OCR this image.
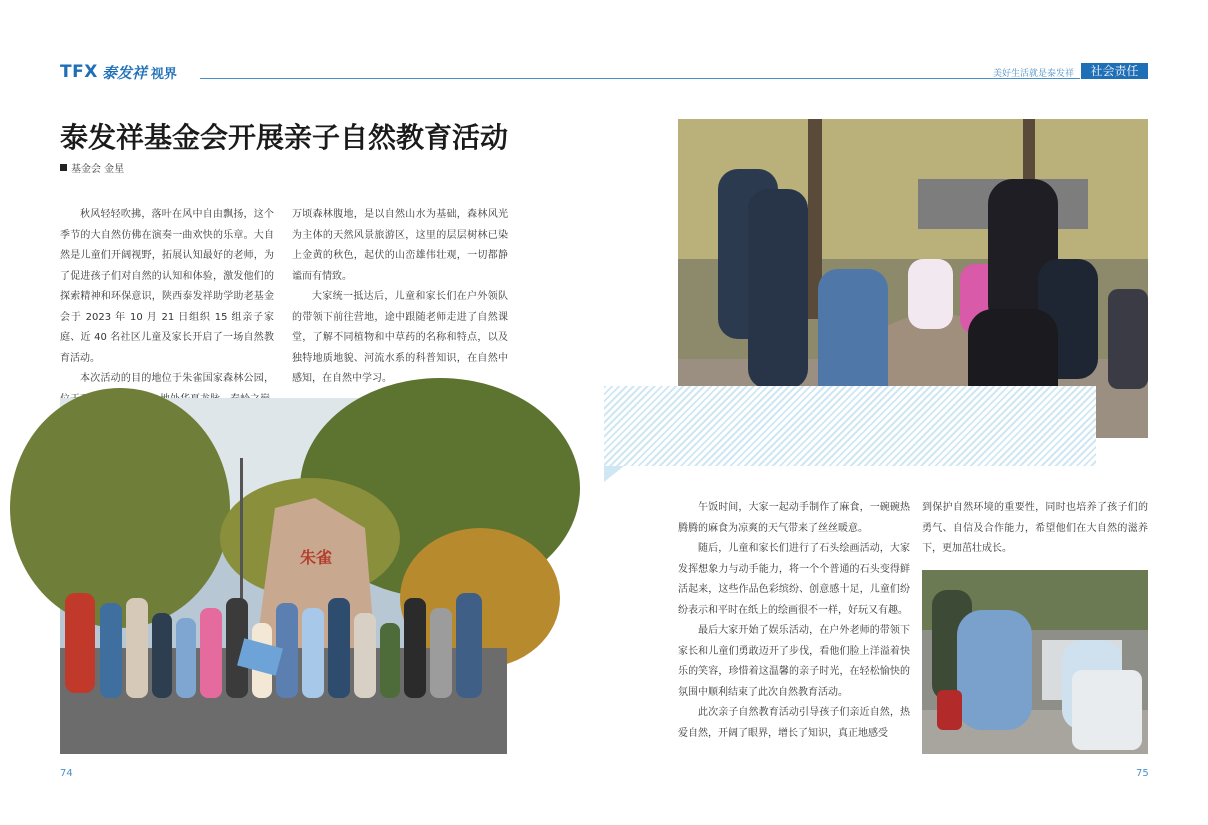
TFX 泰发祥 视界	美好生活就是泰发祥	社会责任
泰发祥基金会开展亲子自然教育活动
基金会 金星

秋风轻轻吹拂，落叶在风中自由飘扬，这个季节的大自然仿佛在演奏一曲欢快的乐章。大自然是儿童们开阔视野，拓展认知最好的老师，为了促进孩子们对自然的认知和体验，激发他们的探索精神和环保意识，陕西泰发祥助学助老基金会于 2023 年 10 月 21 日组织 15 组亲子家庭、近 40 名社区儿童及家长开启了一场自然教育活动。

本次活动的目的地位于朱雀国家森林公园，

万顷森林腹地，是以自然山水为基础，森林风光为主体的天然风景旅游区，这里的层层树林已染上金黄的秋色，起伏的山峦雄伟壮观，一切都静谧而有情致。

大家统一抵达后，儿童和家长们在户外领队的带领下前往营地，途中跟随老师走进了自然课堂，了解不同植物和中草药的名称和特点，以及独特地质地貌、河流水系的科普知识，在自然中感知，在自然中学习。

朱雀

午饭时间，大家一起动手制作了麻食，一碗碗热腾腾的麻食为凉爽的天气带来了丝丝暖意。

随后，儿童和家长们进行了石头绘画活动，大家发挥想象力与动手能力，将一个个普通的石头变得鲜活起来，这些作品色彩缤纷、创意感十足，儿童们纷纷表示和平时在纸上的绘画很不一样，好玩又有趣。

最后大家开始了娱乐活动，在户外老师的带领下家长和儿童们勇敢迈开了步伐，看他们脸上洋溢着快乐的笑容，珍惜着这温馨的亲子时光，在轻松愉快的氛围中顺利结束了此次自然教育活动。

此次亲子自然教育活动引导孩子们亲近自然，热爱自然，开阔了眼界，增长了知识，真正地感受

到保护自然环境的重要性，同时也培养了孩子们的勇气、自信及合作能力，希望他们在大自然的滋养下，更加茁壮成长。

74	75
